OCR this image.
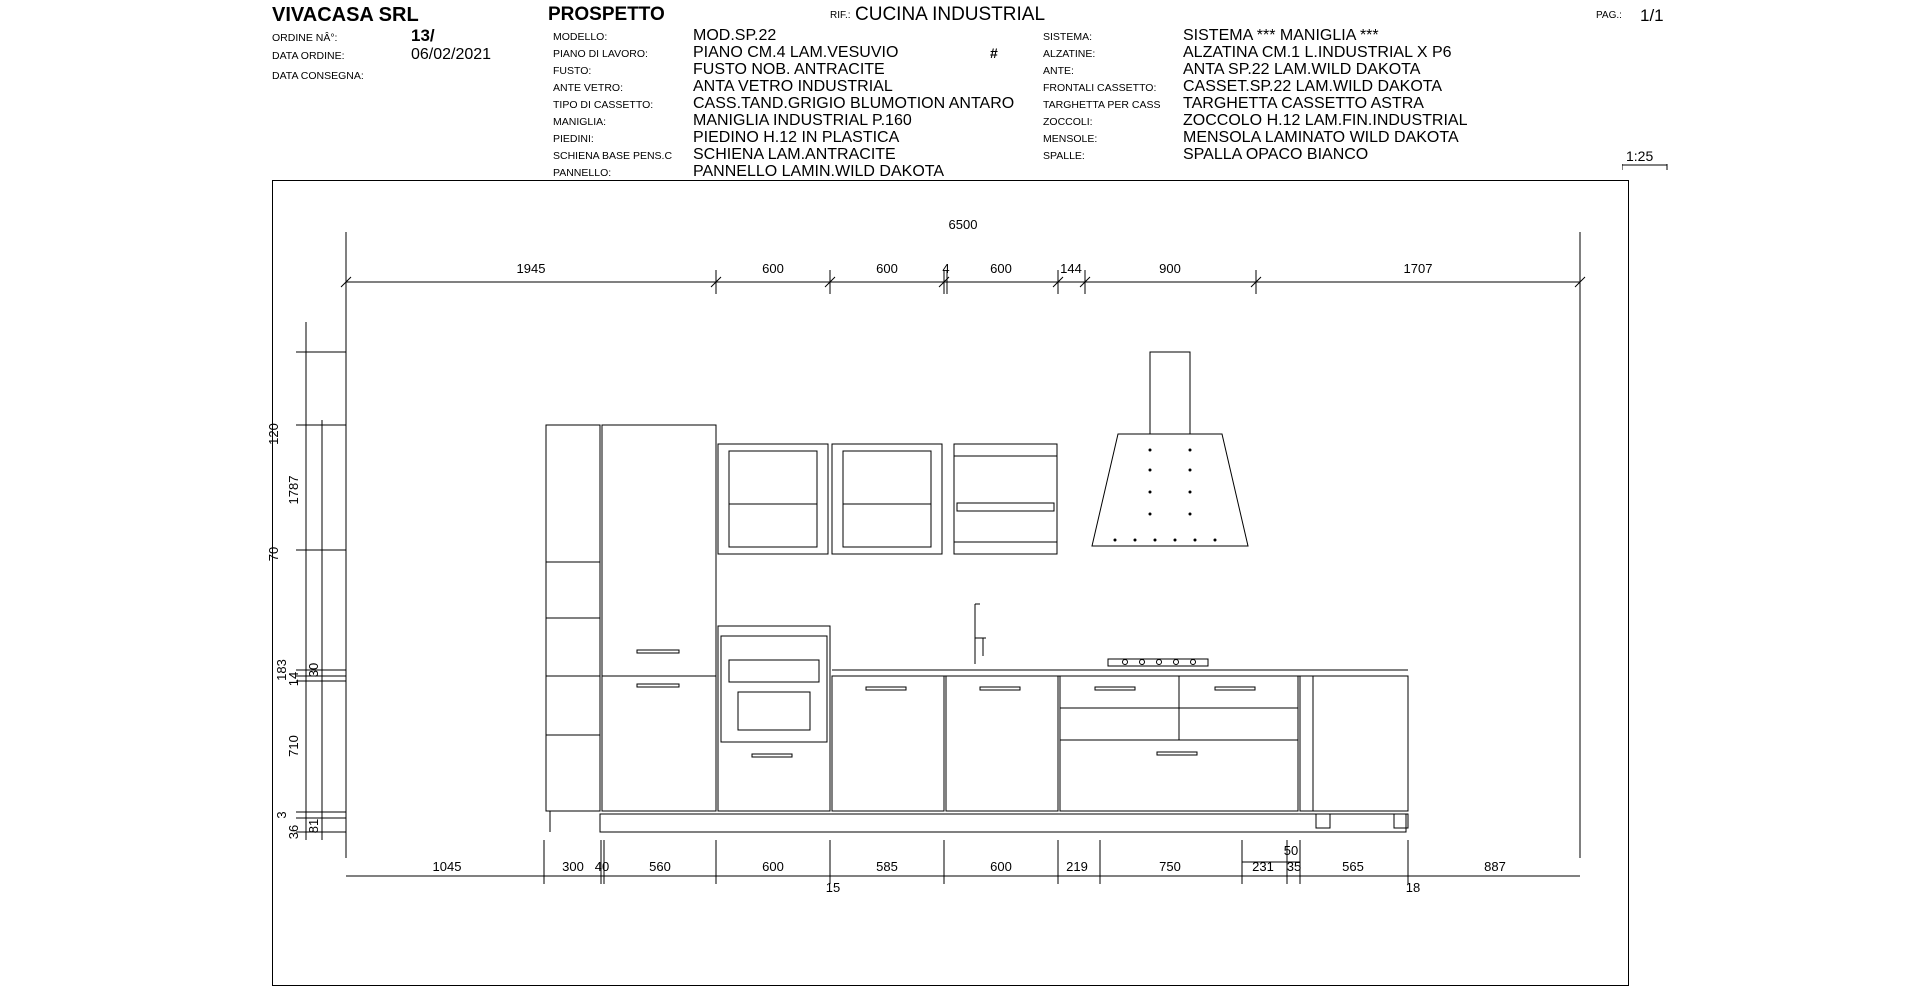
VIVACASA SRL	PROSPETTO	RIF.: CUCINA INDUSTRIAL	PAG.: 1/1
ORDINE NÂ°:	13/
DATA ORDINE:	06/02/2021
DATA CONSEGNA:
MODELLO:	MOD.SP.22
PIANO DI LAVORO:	PIANO CM.4 LAM.VESUVIO
FUSTO:	FUSTO NOB. ANTRACITE
ANTE VETRO:	ANTA VETRO INDUSTRIAL
TIPO DI CASSETTO: CASS.TAND.GRIGIO BLUMOTION ANTARO
MANIGLIA:	MANIGLIA INDUSTRIAL P.160
PIEDINI:	PIEDINO H.12 IN PLASTICA
SCHIENA BASE PENS.C SCHIENA LAM.ANTRACITE
PANNELLO:	PANNELLO LAMIN.WILD DAKOTA
#
SISTEMA:	SISTEMA *** MANIGLIA ***
ALZATINE:	ALZATINA CM.1 L.INDUSTRIAL X P6
ANTE:	ANTA SP.22 LAM.WILD DAKOTA
FRONTALI CASSETTO: CASSET.SP.22 LAM.WILD DAKOTA
TARGHETTA PER CASS TARGHETTA CASSETTO ASTRA
ZOCCOLI:	ZOCCOLO H.12 LAM.FIN.INDUSTRIAL
MENSOLE:	MENSOLA LAMINATO WILD DAKOTA
SPALLE:	SPALLA OPACO BIANCO	1:25
6500
1945	600	600	4	600	144	900	1707
1045	300 40	560	600	585	600	219	750	231 35	565	887
15	18
50
120
1787
70
183
14
30
710
3
36 81
